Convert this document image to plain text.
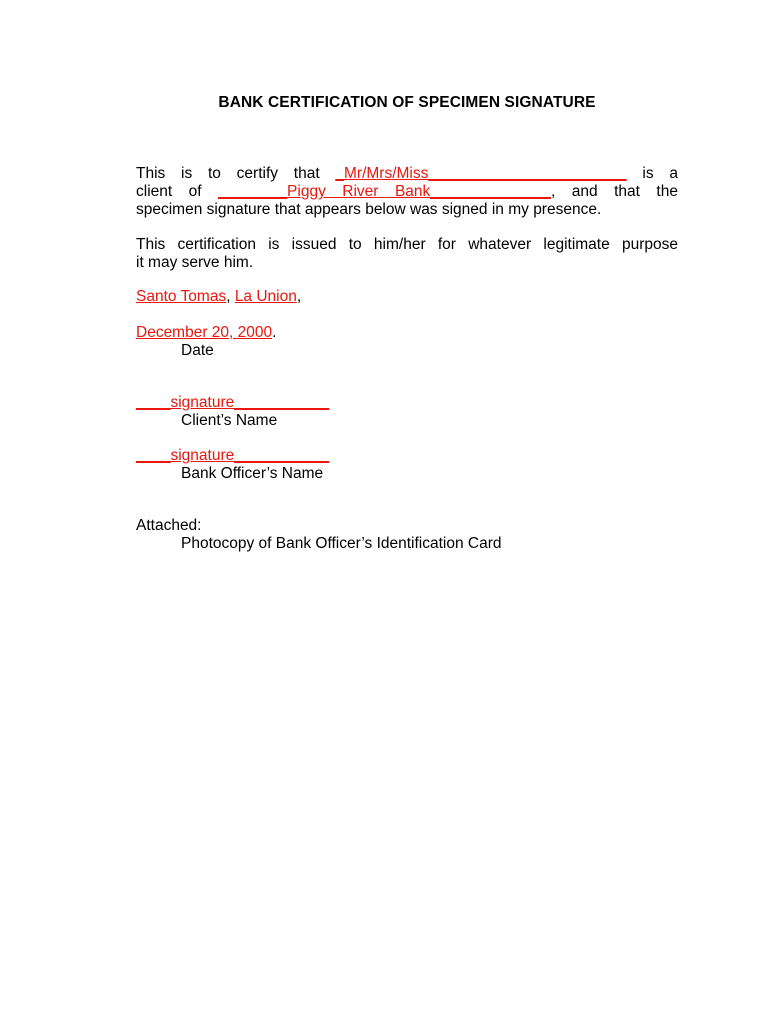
BANK CERTIFICATION OF SPECIMEN SIGNATURE
This is to certify that _Mr/Mrs/Miss_______________________ is a
client of ________Piggy River Bank______________, and that the
specimen signature that appears below was signed in my presence.
This certification is issued to him/her for whatever legitimate purpose
it may serve him.
Santo Tomas, La Union,
December 20, 2000.
Date
____signature___________
Client’s Name
____signature___________
Bank Officer’s Name
Attached:
Photocopy of Bank Officer’s Identification Card
